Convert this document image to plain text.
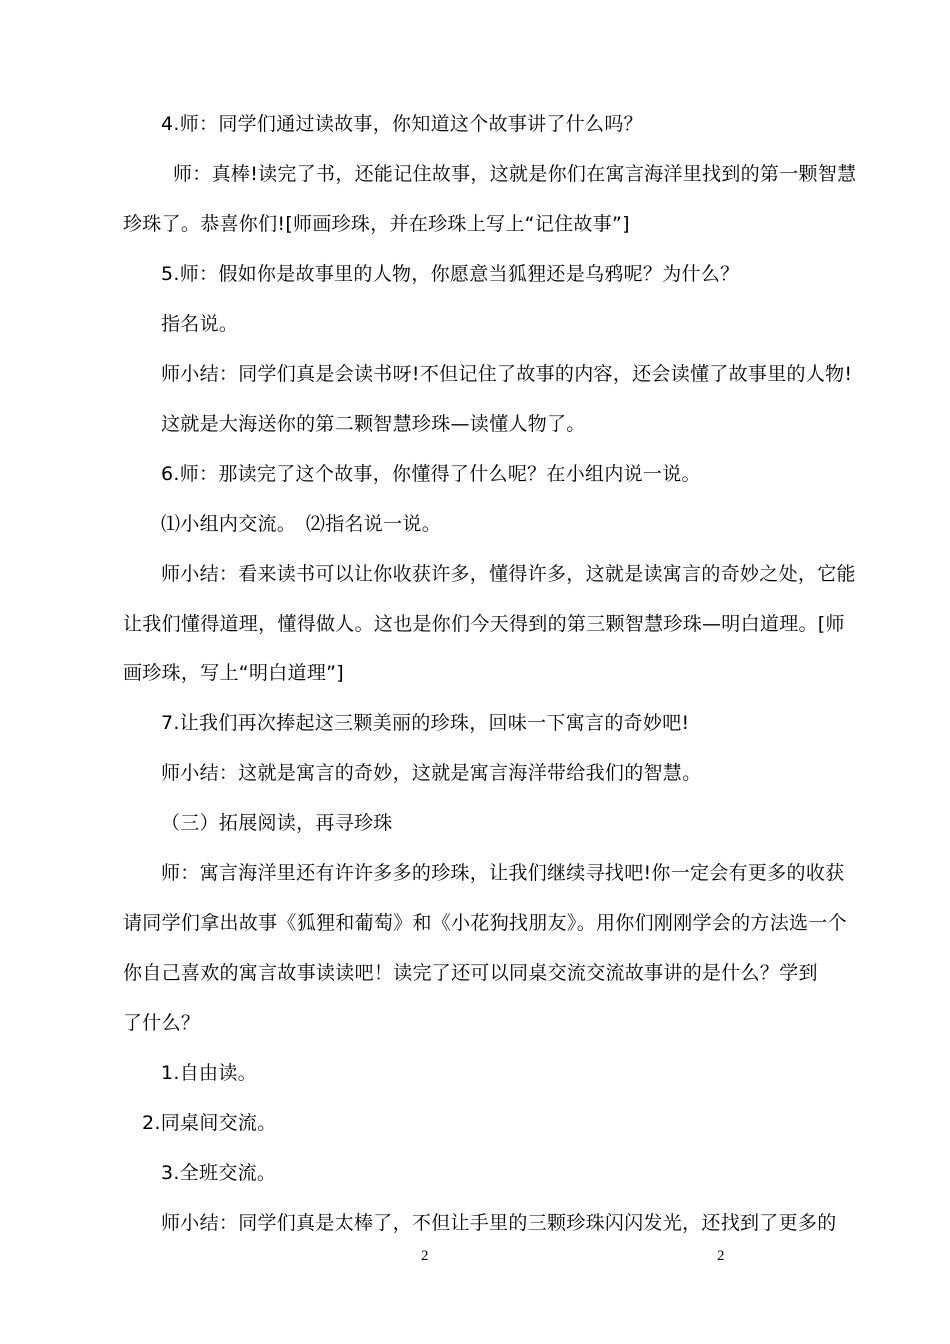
4.师：同学们通过读故事，你知道这个故事讲了什么吗？
师：真棒!读完了书，还能记住故事，这就是你们在寓言海洋里找到的第一颗智慧
珍珠了。恭喜你们![师画珍珠，并在珍珠上写上“记住故事”]
5.师：假如你是故事里的人物，你愿意当狐狸还是乌鸦呢？为什么？
指名说。
师小结：同学们真是会读书呀!不但记住了故事的内容，还会读懂了故事里的人物!
这就是大海送你的第二颗智慧珍珠—读懂人物了。
6.师：那读完了这个故事，你懂得了什么呢？在小组内说一说。
⑴小组内交流。　⑵指名说一说。
师小结：看来读书可以让你收获许多，懂得许多，这就是读寓言的奇妙之处，它能
让我们懂得道理，懂得做人。这也是你们今天得到的第三颗智慧珍珠—明白道理。[师
画珍珠，写上“明白道理”]
7.让我们再次捧起这三颗美丽的珍珠，回味一下寓言的奇妙吧!
师小结：这就是寓言的奇妙，这就是寓言海洋带给我们的智慧。
（三）拓展阅读，再寻珍珠
师：寓言海洋里还有许许多多的珍珠，让我们继续寻找吧!你一定会有更多的收获
请同学们拿出故事《狐狸和葡萄》和《小花狗找朋友》。用你们刚刚学会的方法选一个
你自己喜欢的寓言故事读读吧！读完了还可以同桌交流交流故事讲的是什么？学到
了什么？
1.自由读。
2.同桌间交流。
3.全班交流。
师小结：同学们真是太棒了，不但让手里的三颗珍珠闪闪发光，还找到了更多的
2	2
